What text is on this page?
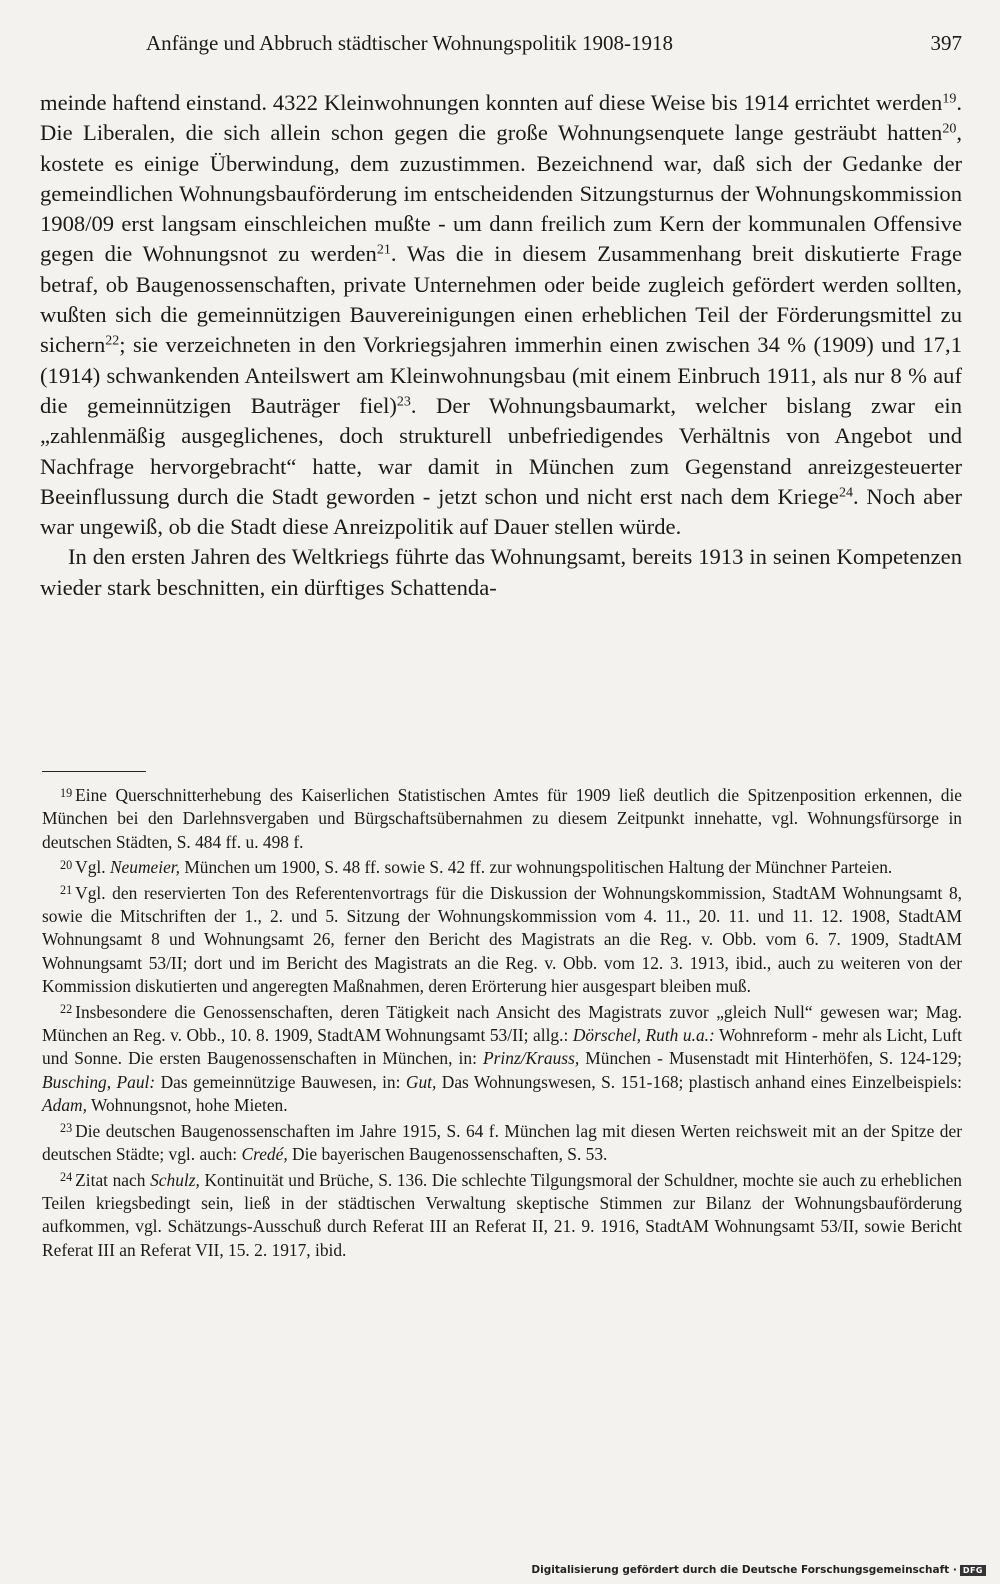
Anfänge und Abbruch städtischer Wohnungspolitik 1908-1918	397

meinde haftend einstand. 4322 Kleinwohnungen konnten auf diese Weise bis 1914 errichtet werden$^{19}$. Die Liberalen, die sich allein schon gegen die große Wohnungsenquete lange gesträubt hatten$^{20}$, kostete es einige Überwindung, dem zuzustimmen. Bezeichnend war, daß sich der Gedanke der gemeindlichen Wohnungsbauförderung im entscheidenden Sitzungsturnus der Wohnungskommission 1908/09 erst langsam einschleichen mußte - um dann freilich zum Kern der kommunalen Offensive gegen die Wohnungsnot zu werden$^{21}$. Was die in diesem Zusammenhang breit diskutierte Frage betraf, ob Baugenossenschaften, private Unternehmen oder beide zugleich gefördert werden sollten, wußten sich die gemeinnützigen Bauvereinigungen einen erheblichen Teil der Förderungsmittel zu sichern$^{22}$; sie verzeichneten in den Vorkriegsjahren immerhin einen zwischen 34 % (1909) und 17,1 (1914) schwankenden Anteilswert am Kleinwohnungsbau (mit einem Einbruch 1911, als nur 8 % auf die gemeinnützigen Bauträger fiel)$^{23}$. Der Wohnungsbaumarkt, welcher bislang zwar ein „zahlenmäßig ausgeglichenes, doch strukturell unbefriedigendes Verhältnis von Angebot und Nachfrage hervorgebracht“ hatte, war damit in München zum Gegenstand anreizgesteuerter Beeinflussung durch die Stadt geworden - jetzt schon und nicht erst nach dem Kriege$^{24}$. Noch aber war ungewiß, ob die Stadt diese Anreizpolitik auf Dauer stellen würde.

In den ersten Jahren des Weltkriegs führte das Wohnungsamt, bereits 1913 in seinen Kompetenzen wieder stark beschnitten, ein dürftiges Schattenda-

$^{19}$ Eine Querschnitterhebung des Kaiserlichen Statistischen Amtes für 1909 ließ deutlich die Spitzenposition erkennen, die München bei den Darlehnsvergaben und Bürgschaftsübernahmen zu diesem Zeitpunkt innehatte, vgl. Wohnungsfürsorge in deutschen Städten, S. 484 ff. u. 498 f.

$^{20}$ Vgl. Neumeier, München um 1900, S. 48 ff. sowie S. 42 ff. zur wohnungspolitischen Haltung der Münchner Parteien.

$^{21}$ Vgl. den reservierten Ton des Referentenvortrags für die Diskussion der Wohnungskommission, StadtAM Wohnungsamt 8, sowie die Mitschriften der 1., 2. und 5. Sitzung der Wohnungskommission vom 4. 11., 20. 11. und 11. 12. 1908, StadtAM Wohnungsamt 8 und Wohnungsamt 26, ferner den Bericht des Magistrats an die Reg. v. Obb. vom 6. 7. 1909, StadtAM Wohnungsamt 53/II; dort und im Bericht des Magistrats an die Reg. v. Obb. vom 12. 3. 1913, ibid., auch zu weiteren von der Kommission diskutierten und angeregten Maßnahmen, deren Erörterung hier ausgespart bleiben muß.

$^{22}$ Insbesondere die Genossenschaften, deren Tätigkeit nach Ansicht des Magistrats zuvor „gleich Null“ gewesen war; Mag. München an Reg. v. Obb., 10. 8. 1909, StadtAM Wohnungsamt 53/II; allg.: Dörschel, Ruth u.a.: Wohnreform - mehr als Licht, Luft und Sonne. Die ersten Baugenossenschaften in München, in: Prinz/Krauss, München - Musenstadt mit Hinterhöfen, S. 124-129; Busching, Paul: Das gemeinnützige Bauwesen, in: Gut, Das Wohnungswesen, S. 151-168; plastisch anhand eines Einzelbeispiels: Adam, Wohnungsnot, hohe Mieten.

$^{23}$ Die deutschen Baugenossenschaften im Jahre 1915, S. 64 f. München lag mit diesen Werten reichsweit mit an der Spitze der deutschen Städte; vgl. auch: Credé, Die bayerischen Baugenossenschaften, S. 53.

$^{24}$ Zitat nach Schulz, Kontinuität und Brüche, S. 136. Die schlechte Tilgungsmoral der Schuldner, mochte sie auch zu erheblichen Teilen kriegsbedingt sein, ließ in der städtischen Verwaltung skeptische Stimmen zur Bilanz der Wohnungsbauförderung aufkommen, vgl. Schätzungs-Ausschuß durch Referat III an Referat II, 21. 9. 1916, StadtAM Wohnungsamt 53/II, sowie Bericht Referat III an Referat VII, 15. 2. 1917, ibid.

Digitalisierung gefördert durch die Deutsche Forschungsgemeinschaft · DFG
